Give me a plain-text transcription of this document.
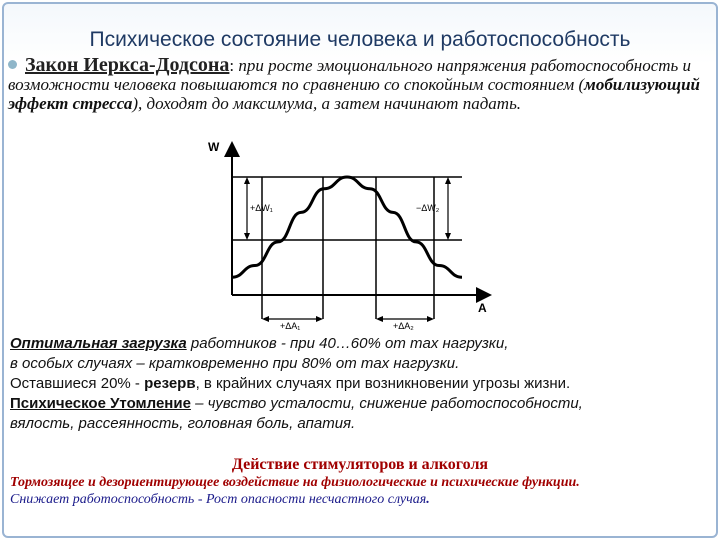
Психическое состояние человека и работоспособность
Закон Иеркса-Додсона: при росте эмоционального напряжения работоспособность и возможности человека повышаются по сравнению со спокойным состоянием (мобилизующий эффект стресса), доходят до максимума, а затем начинают падать.
W
A
+ΔW₁	−ΔW₂
+ΔA₁	+ΔA₂

Оптимальная загрузка работников - при 40…60% от max нагрузки,

в особых случаях – кратковременно при 80% от max нагрузки.

Оставшиеся 20% - резерв, в крайних случаях при возникновении угрозы жизни.

Психическое Утомление – чувство усталости, снижение работоспособности,

вялость, рассеянность, головная боль, апатия.

Действие стимуляторов и алкоголя

Тормозящее и дезориентирующее воздействие на физиологические и психические функции.

Снижает работоспособность - Рост опасности несчастного случая.
